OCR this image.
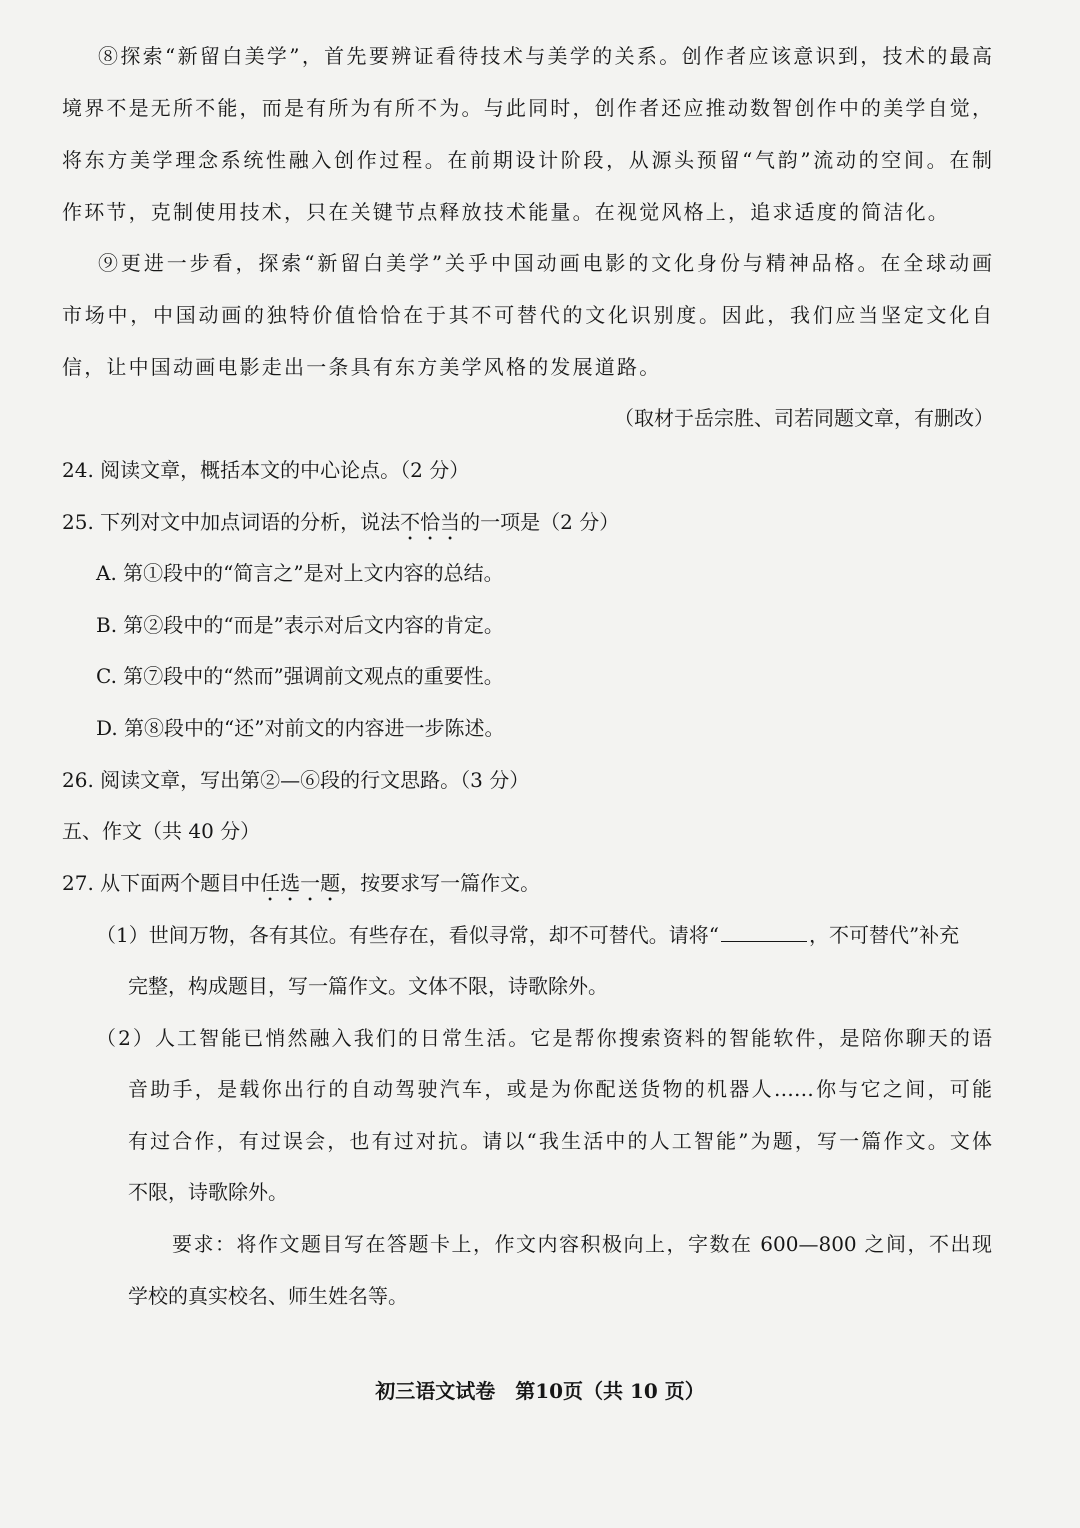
⑧探索“新留白美学”，首先要辨证看待技术与美学的关系。创作者应该意识到，技术的最高
境界不是无所不能，而是有所为有所不为。与此同时，创作者还应推动数智创作中的美学自觉，
将东方美学理念系统性融入创作过程。在前期设计阶段，从源头预留“气韵”流动的空间。在制
作环节，克制使用技术，只在关键节点释放技术能量。在视觉风格上，追求适度的简洁化。
⑨更进一步看，探索“新留白美学”关乎中国动画电影的文化身份与精神品格。在全球动画
市场中，中国动画的独特价值恰恰在于其不可替代的文化识别度。因此，我们应当坚定文化自
信，让中国动画电影走出一条具有东方美学风格的发展道路。
（取材于岳宗胜、司若同题文章，有删改）
24. 阅读文章，概括本文的中心论点。（2 分）
25. 下列对文中加点词语的分析，说法不恰当的一项是（2 分）
A. 第①段中的“简言之”是对上文内容的总结。
B. 第②段中的“而是”表示对后文内容的肯定。
C. 第⑦段中的“然而”强调前文观点的重要性。
D. 第⑧段中的“还”对前文的内容进一步陈述。
26. 阅读文章，写出第②—⑥段的行文思路。（3 分）
五、作文（共 40 分）
27. 从下面两个题目中任选一题，按要求写一篇作文。
（1）世间万物，各有其位。有些存在，看似寻常，却不可替代。请将“	，不可替代”补充
完整，构成题目，写一篇作文。文体不限，诗歌除外。
（2）人工智能已悄然融入我们的日常生活。它是帮你搜索资料的智能软件，是陪你聊天的语
音助手，是载你出行的自动驾驶汽车，或是为你配送货物的机器人……你与它之间，可能
有过合作，有过误会，也有过对抗。请以“我生活中的人工智能”为题，写一篇作文。文体
不限，诗歌除外。
要求：将作文题目写在答题卡上，作文内容积极向上，字数在 600—800 之间，不出现
学校的真实校名、师生姓名等。
初三语文试卷 第10页（共 10 页）
